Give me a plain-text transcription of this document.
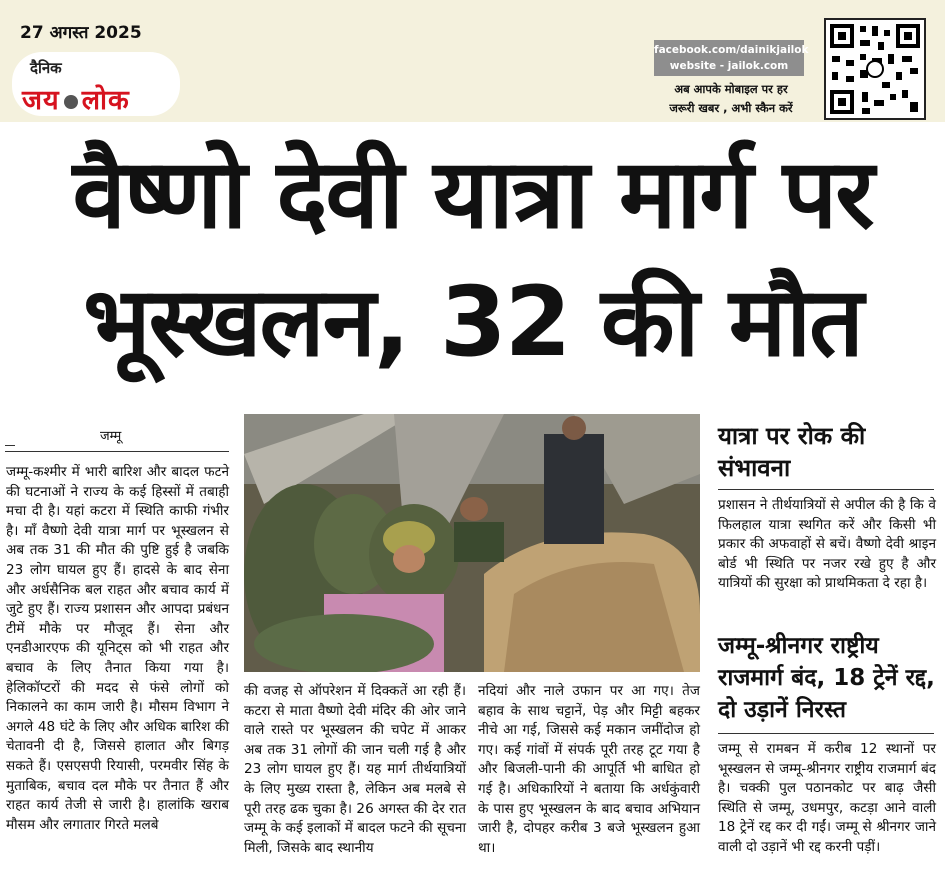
27 अगस्त 2025
दैनिक
जय लोक
facebook.com/dainikjailok
website - jailok.com
अब आपके मोबाइल पर हर
जरूरी खबर , अभी स्कैन करें
वैष्णो देवी यात्रा मार्ग पर
भूस्खलन, 32 की मौत
जम्मू
जम्मू-कश्मीर में भारी बारिश और बादल फटने की घटनाओं ने राज्य के कई हिस्सों में तबाही मचा दी है। यहां कटरा में स्थिति काफी गंभीर है। माँ वैष्णो देवी यात्रा मार्ग पर भूस्खलन से अब तक 31 की मौत की पुष्टि हुई है जबकि 23 लोग घायल हुए हैं। हादसे के बाद सेना और अर्धसैनिक बल राहत और बचाव कार्य में जुटे हुए हैं। राज्य प्रशासन और आपदा प्रबंधन टीमें मौके पर मौजूद हैं। सेना और एनडीआरएफ की यूनिट्स को भी राहत और बचाव के लिए तैनात किया गया है। हेलिकॉप्टरों की मदद से फंसे लोगों को निकालने का काम जारी है। मौसम विभाग ने अगले 48 घंटे के लिए और अधिक बारिश की चेतावनी दी है, जिससे हालात और बिगड़ सकते हैं। एसएसपी रियासी, परमवीर सिंह के मुताबिक, बचाव दल मौके पर तैनात हैं और राहत कार्य तेजी से जारी है। हालांकि खराब मौसम और लगातार गिरते मलबे
की वजह से ऑपरेशन में दिक्कतें आ रही हैं। कटरा से माता वैष्णो देवी मंदिर की ओर जाने वाले रास्ते पर भूस्खलन की चपेट में आकर अब तक 31 लोगों की जान चली गई है और 23 लोग घायल हुए हैं। यह मार्ग तीर्थयात्रियों के लिए मुख्य रास्ता है, लेकिन अब मलबे से पूरी तरह ढक चुका है। 26 अगस्त की देर रात जम्मू के कई इलाकों में बादल फटने की सूचना मिली, जिसके बाद स्थानीय
नदियां और नाले उफान पर आ गए। तेज बहाव के साथ चट्टानें, पेड़ और मिट्टी बहकर नीचे आ गई, जिससे कई मकान जमींदोज हो गए। कई गांवों में संपर्क पूरी तरह टूट गया है और बिजली-पानी की आपूर्ति भी बाधित हो गई है। अधिकारियों ने बताया कि अर्धकुंवारी के पास हुए भूस्खलन के बाद बचाव अभियान जारी है, दोपहर करीब 3 बजे भूस्खलन हुआ था।
यात्रा पर रोक की संभावना
प्रशासन ने तीर्थयात्रियों से अपील की है कि वे फिलहाल यात्रा स्थगित करें और किसी भी प्रकार की अफवाहों से बचें। वैष्णो देवी श्राइन बोर्ड भी स्थिति पर नजर रखे हुए है और यात्रियों की सुरक्षा को प्राथमिकता दे रहा है।
जम्मू-श्रीनगर राष्ट्रीय राजमार्ग बंद, 18 ट्रेनें रद्द, दो उड़ानें निरस्त
जम्मू से रामबन में करीब 12 स्थानों पर भूस्खलन से जम्मू-श्रीनगर राष्ट्रीय राजमार्ग बंद है। चक्की पुल पठानकोट पर बाढ़ जैसी स्थिति से जम्मू, उधमपुर, कटड़ा आने वाली 18 ट्रेनें रद्द कर दी गईं। जम्मू से श्रीनगर जाने वाली दो उड़ानें भी रद्द करनी पड़ीं।
